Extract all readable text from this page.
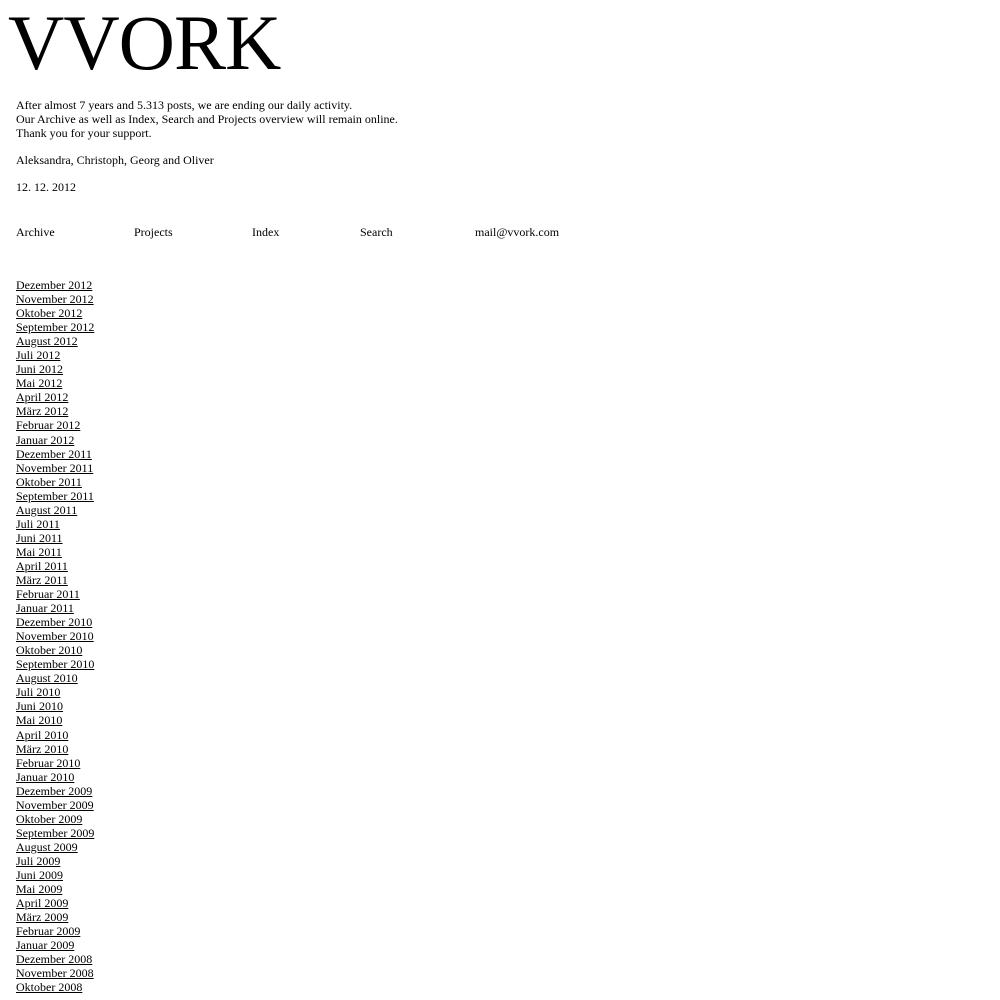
VVORK
After almost 7 years and 5.313 posts, we are ending our daily activity.
Our Archive as well as Index, Search and Projects overview will remain online.
Thank you for your support.
Aleksandra, Christoph, Georg and Oliver
12. 12. 2012
Archive	Projects	Index	Search	mail@vvork.com
Dezember 2012
November 2012
Oktober 2012
September 2012
August 2012
Juli 2012
Juni 2012
Mai 2012
April 2012
März 2012
Februar 2012
Januar 2012
Dezember 2011
November 2011
Oktober 2011
September 2011
August 2011
Juli 2011
Juni 2011
Mai 2011
April 2011
März 2011
Februar 2011
Januar 2011
Dezember 2010
November 2010
Oktober 2010
September 2010
August 2010
Juli 2010
Juni 2010
Mai 2010
April 2010
März 2010
Februar 2010
Januar 2010
Dezember 2009
November 2009
Oktober 2009
September 2009
August 2009
Juli 2009
Juni 2009
Mai 2009
April 2009
März 2009
Februar 2009
Januar 2009
Dezember 2008
November 2008
Oktober 2008
